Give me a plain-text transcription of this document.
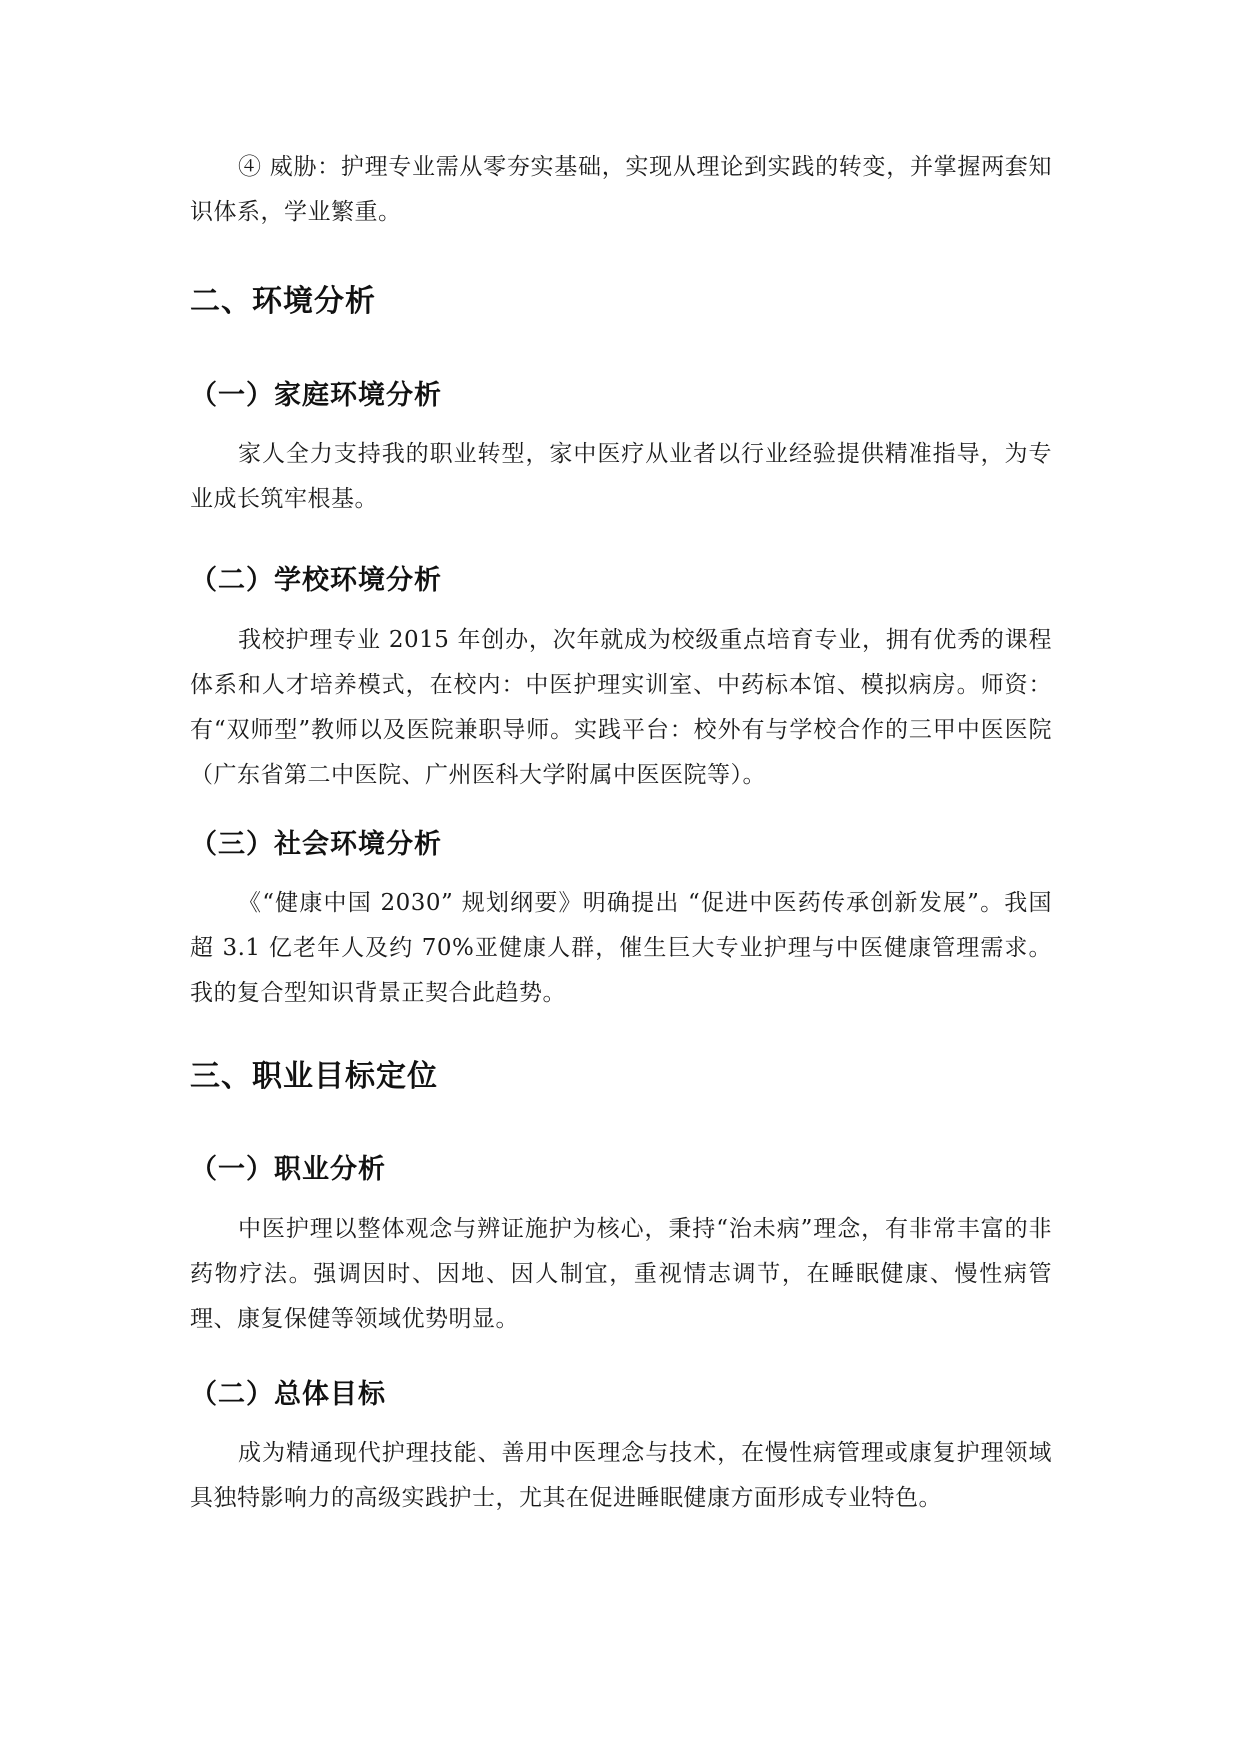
④ 威胁：护理专业需从零夯实基础，实现从理论到实践的转变，并掌握两套知识体系，学业繁重。

二、环境分析
（一）家庭环境分析

家人全力支持我的职业转型，家中医疗从业者以行业经验提供精准指导，为专业成长筑牢根基。

（二）学校环境分析

我校护理专业 2015 年创办，次年就成为校级重点培育专业，拥有优秀的课程体系和人才培养模式，在校内：中医护理实训室、中药标本馆、模拟病房。师资：有“双师型”教师以及医院兼职导师。实践平台：校外有与学校合作的三甲中医医院（广东省第二中医院、广州医科大学附属中医医院等）。

（三）社会环境分析

《“健康中国 2030” 规划纲要》明确提出 “促进中医药传承创新发展”。我国超 3.1 亿老年人及约 70%亚健康人群，催生巨大专业护理与中医健康管理需求。我的复合型知识背景正契合此趋势。

三、职业目标定位
（一）职业分析

中医护理以整体观念与辨证施护为核心，秉持“治未病”理念，有非常丰富的非药物疗法。强调因时、因地、因人制宜，重视情志调节，在睡眠健康、慢性病管理、康复保健等领域优势明显。

（二）总体目标

成为精通现代护理技能、善用中医理念与技术，在慢性病管理或康复护理领域具独特影响力的高级实践护士，尤其在促进睡眠健康方面形成专业特色。
